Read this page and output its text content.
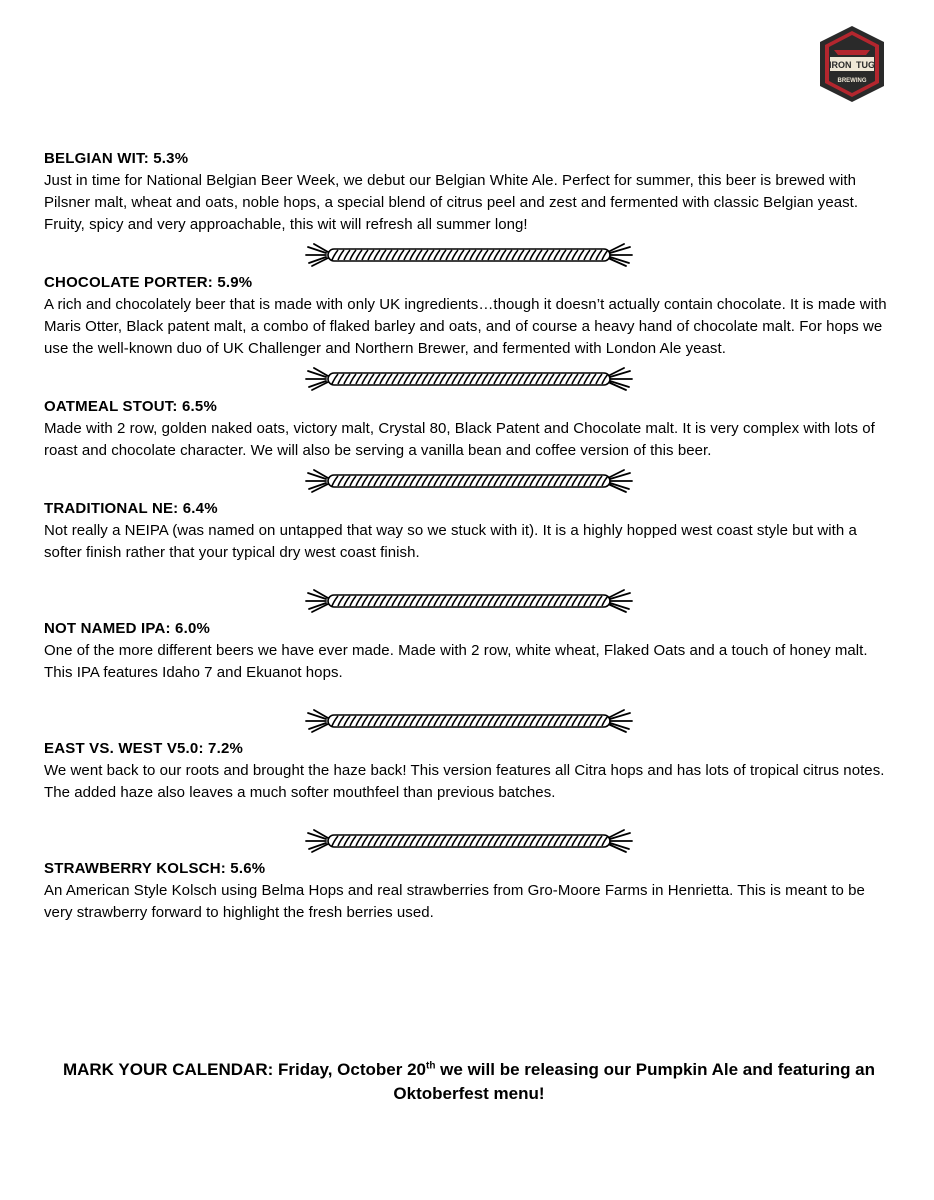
IRON TUG
BREWING

BELGIAN WIT: 5.3%

Just in time for National Belgian Beer Week, we debut our Belgian White Ale. Perfect for summer, this beer is brewed with Pilsner malt, wheat and oats, noble hops, a special blend of citrus peel and zest and fermented with classic Belgian yeast. Fruity, spicy and very approachable, this wit will refresh all summer long!

CHOCOLATE PORTER: 5.9%

A rich and chocolately beer that is made with only UK ingredients…though it doesn’t actually contain chocolate. It is made with Maris Otter, Black patent malt, a combo of flaked barley and oats, and of course a heavy hand of chocolate malt. For hops we use the well-known duo of UK Challenger and Northern Brewer, and fermented with London Ale yeast.

OATMEAL STOUT: 6.5%

Made with 2 row, golden naked oats, victory malt, Crystal 80, Black Patent and Chocolate malt. It is very complex with lots of roast and chocolate character. We will also be serving a vanilla bean and coffee version of this beer.

TRADITIONAL NE: 6.4%

Not really a NEIPA (was named on untapped that way so we stuck with it). It is a highly hopped west coast style but with a softer finish rather that your typical dry west coast finish.

NOT NAMED IPA: 6.0%

One of the more different beers we have ever made. Made with 2 row, white wheat, Flaked Oats and a touch of honey malt. This IPA features Idaho 7 and Ekuanot hops.

EAST VS. WEST V5.0: 7.2%

We went back to our roots and brought the haze back! This version features all Citra hops and has lots of tropical citrus notes. The added haze also leaves a much softer mouthfeel than previous batches.

STRAWBERRY KOLSCH: 5.6%

An American Style Kolsch using Belma Hops and real strawberries from Gro-Moore Farms in Henrietta. This is meant to be very strawberry forward to highlight the fresh berries used.

MARK YOUR CALENDAR: Friday, October 20th we will be releasing our Pumpkin Ale and featuring an Oktoberfest menu!
